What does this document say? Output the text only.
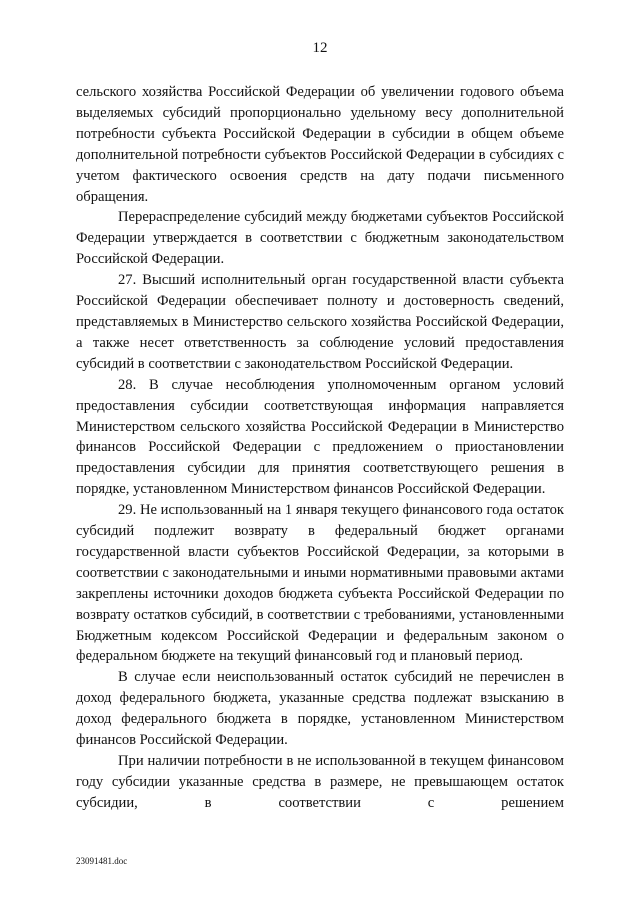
12

сельского хозяйства Российской Федерации об увеличении годового объема выделяемых субсидий пропорционально удельному весу дополнительной потребности субъекта Российской Федерации в субсидии в общем объеме дополнительной потребности субъектов Российской Федерации в субсидиях с учетом фактического освоения средств на дату подачи письменного обращения.

Перераспределение субсидий между бюджетами субъектов Российской Федерации утверждается в соответствии с бюджетным законодательством Российской Федерации.

27. Высший исполнительный орган государственной власти субъекта Российской Федерации обеспечивает полноту и достоверность сведений, представляемых в Министерство сельского хозяйства Российской Федерации, а также несет ответственность за соблюдение условий предоставления субсидий в соответствии с законодательством Российской Федерации.

28. В случае несоблюдения уполномоченным органом условий предоставления субсидии соответствующая информация направляется Министерством сельского хозяйства Российской Федерации в Министерство финансов Российской Федерации с предложением о приостановлении предоставления субсидии для принятия соответствующего решения в порядке, установленном Министерством финансов Российской Федерации.

29. Не использованный на 1 января текущего финансового года остаток субсидий подлежит возврату в федеральный бюджет органами государственной власти субъектов Российской Федерации, за которыми в соответствии с законодательными и иными нормативными правовыми актами закреплены источники доходов бюджета субъекта Российской Федерации по возврату остатков субсидий, в соответствии с требованиями, установленными Бюджетным кодексом Российской Федерации и федеральным законом о федеральном бюджете на текущий финансовый год и плановый период.

В случае если неиспользованный остаток субсидий не перечислен в доход федерального бюджета, указанные средства подлежат взысканию в доход федерального бюджета в порядке, установленном Министерством финансов Российской Федерации.

При наличии потребности в не использованной в текущем финансовом году субсидии указанные средства в размере, не превышающем остаток субсидии, в соответствии с решением

23091481.doc
